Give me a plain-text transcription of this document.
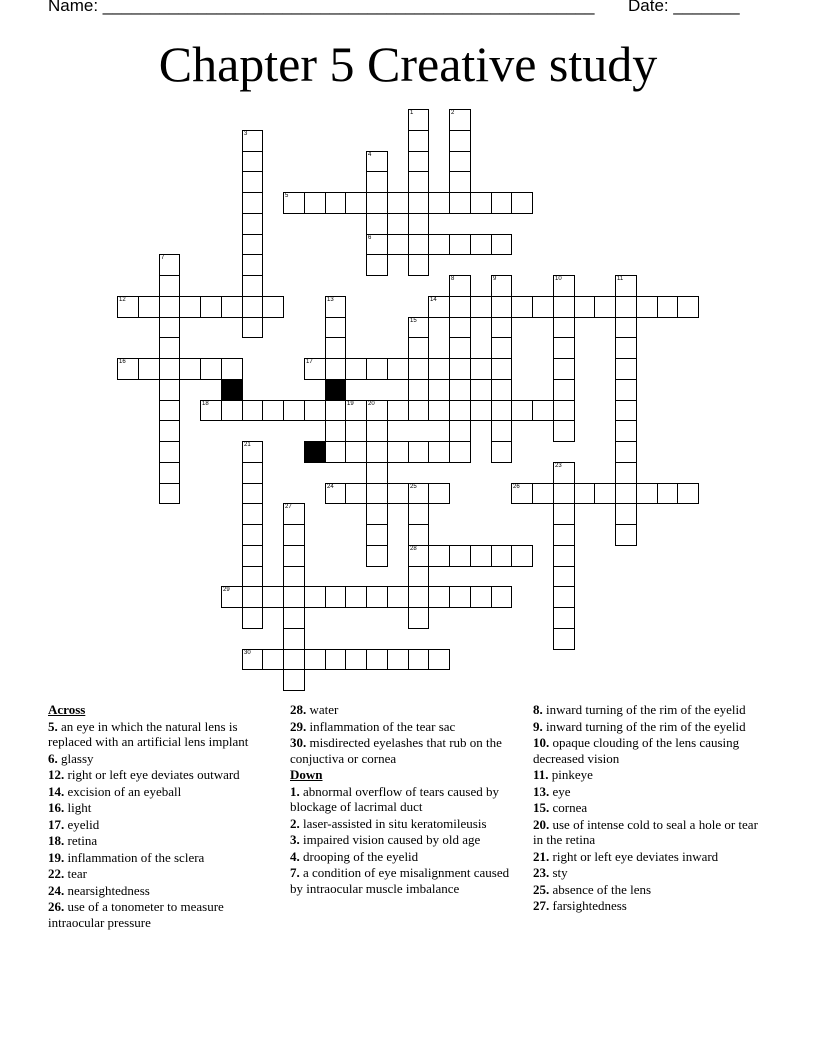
Name: ____________________________________________________ Date: _______
Chapter 5 Creative study
1	2
3
4
5
6
7
8	9	10	11
12	13	14
15
16	17
18	19 20
21	22
23
24	25	26
27
28
29
30
Across
5. an eye in which the natural lens is replaced with an artificial lens implant
6. glassy
12. right or left eye deviates outward
14. excision of an eyeball
16. light
17. eyelid
18. retina
19. inflammation of the sclera
22. tear
24. nearsightedness
26. use of a tonometer to measure intraocular pressure
28. water
29. inflammation of the tear sac
30. misdirected eyelashes that rub on the conjuctiva or cornea
Down
1. abnormal overflow of tears caused by blockage of lacrimal duct
2. laser-assisted in situ keratomileusis
3. impaired vision caused by old age
4. drooping of the eyelid
7. a condition of eye misalignment caused by intraocular muscle imbalance
8. inward turning of the rim of the eyelid
9. inward turning of the rim of the eyelid
10. opaque clouding of the lens causing decreased vision
11. pinkeye
13. eye
15. cornea
20. use of intense cold to seal a hole or tear in the retina
21. right or left eye deviates inward
23. sty
25. absence of the lens
27. farsightedness
